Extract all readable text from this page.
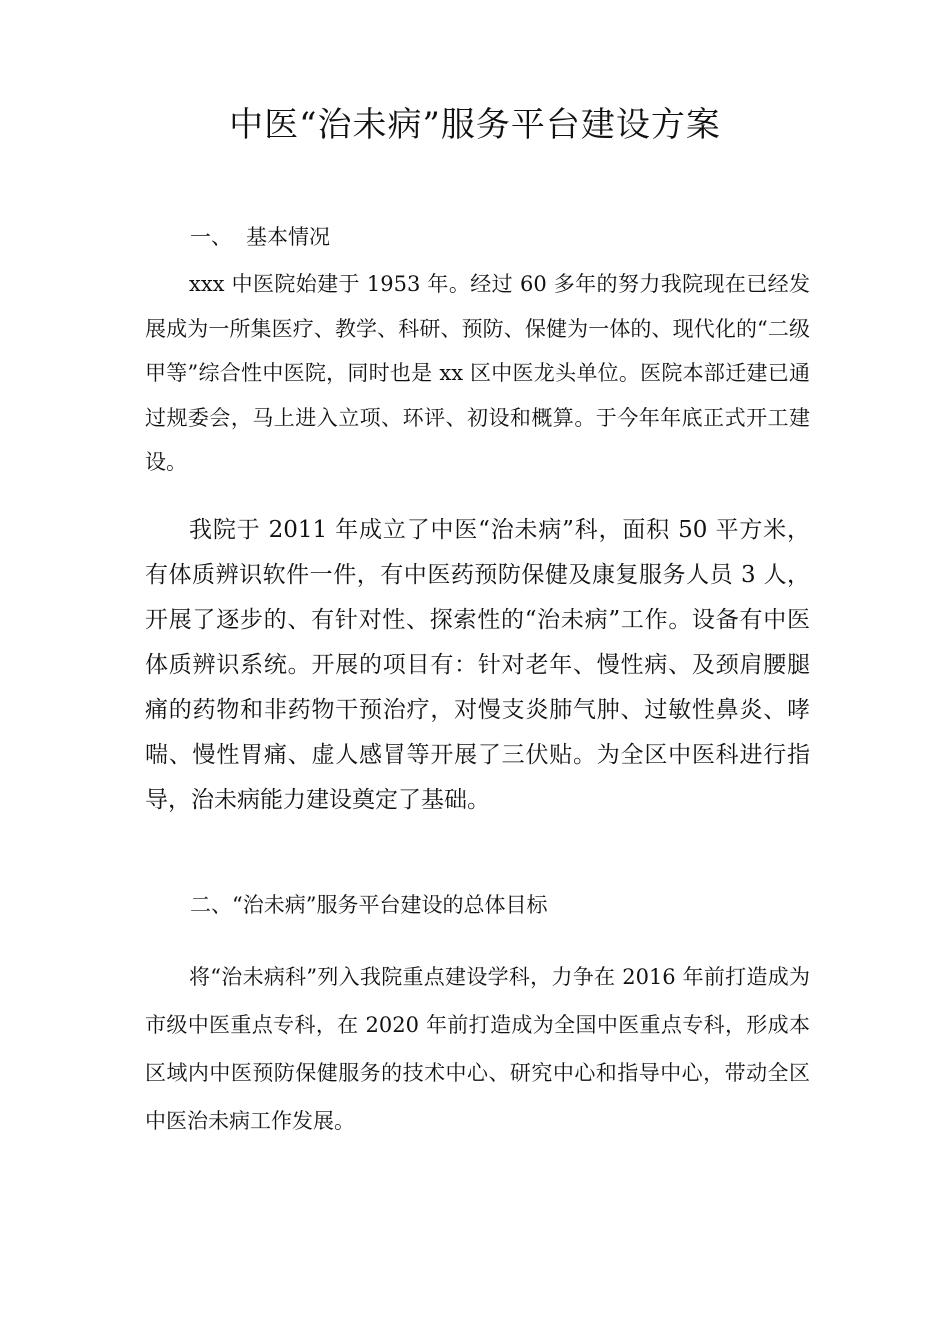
中医“治未病”服务平台建设方案
一、 基本情况

xxx 中医院始建于 1953 年。经过 60 多年的努力我院现在已经发展成为一所集医疗、教学、科研、预防、保健为一体的、现代化的“二级甲等”综合性中医院，同时也是 xx 区中医龙头单位。医院本部迁建已通过规委会，马上进入立项、环评、初设和概算。于今年年底正式开工建设。

我院于 2011 年成立了中医“治未病”科，面积 50 平方米，有体质辨识软件一件，有中医药预防保健及康复服务人员 3 人，开展了逐步的、有针对性、探索性的“治未病”工作。设备有中医体质辨识系统。开展的项目有：针对老年、慢性病、及颈肩腰腿痛的药物和非药物干预治疗，对慢支炎肺气肿、过敏性鼻炎、哮喘、慢性胃痛、虚人感冒等开展了三伏贴。为全区中医科进行指导，治未病能力建设奠定了基础。

二、“治未病”服务平台建设的总体目标

将“治未病科”列入我院重点建设学科，力争在 2016 年前打造成为市级中医重点专科，在 2020 年前打造成为全国中医重点专科，形成本区域内中医预防保健服务的技术中心、研究中心和指导中心，带动全区中医治未病工作发展。
